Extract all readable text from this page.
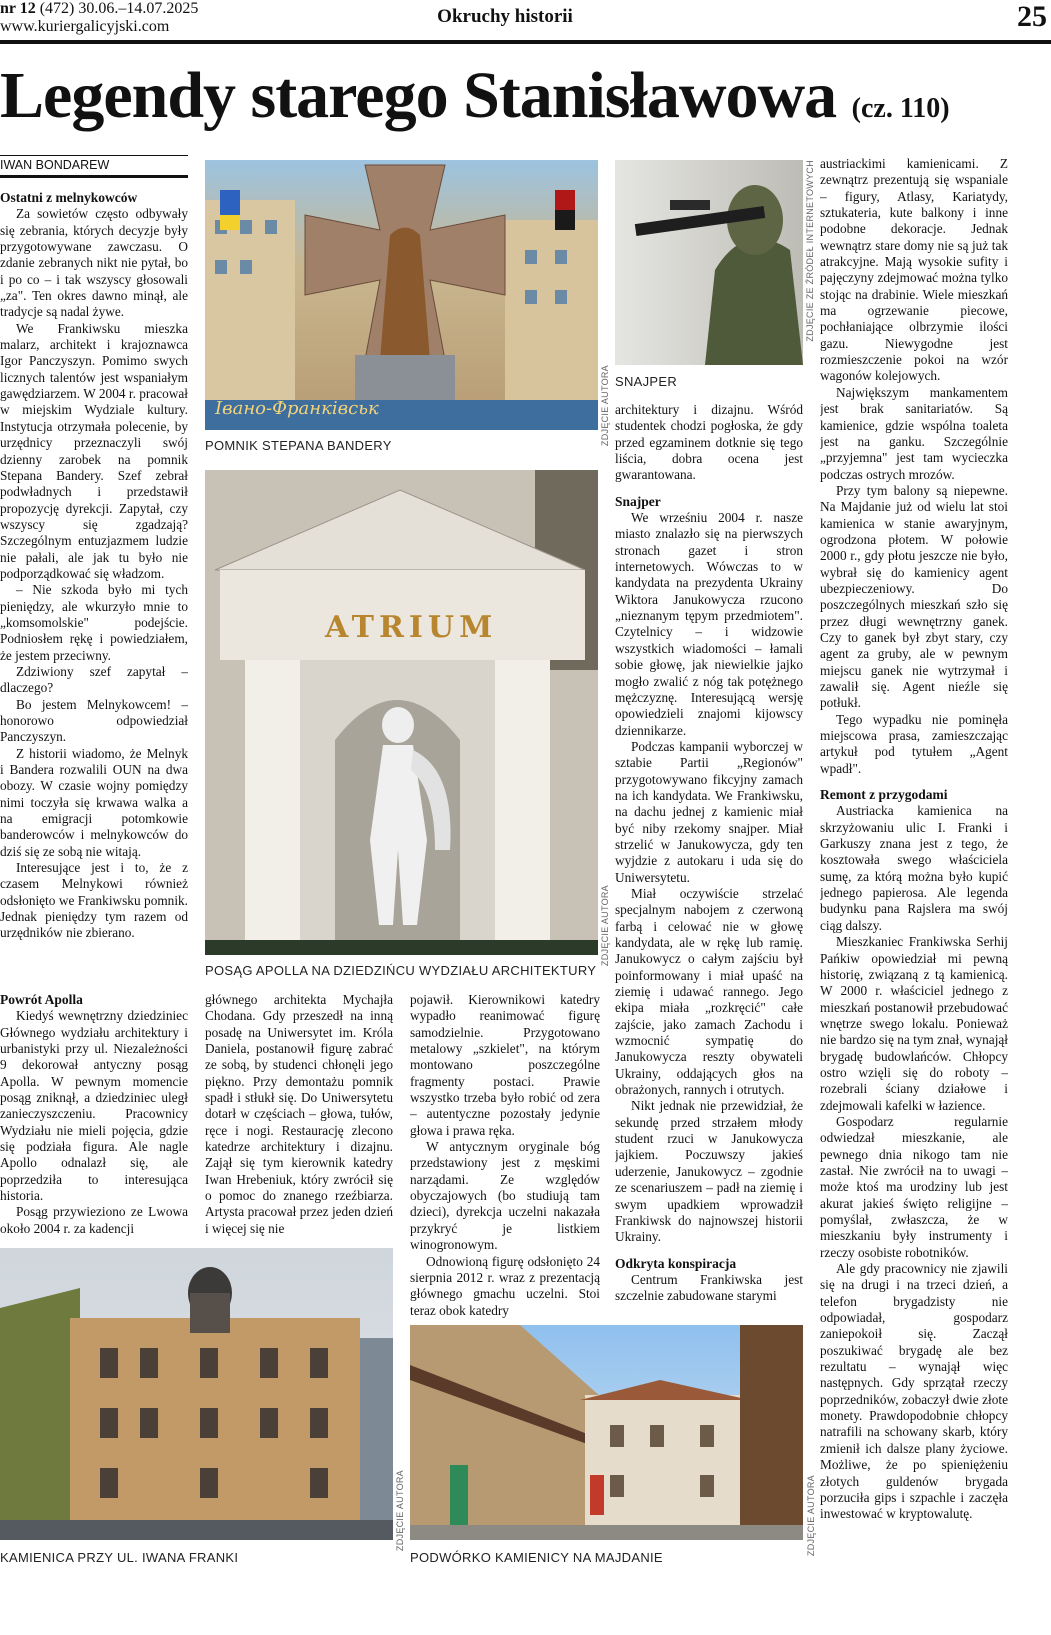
nr 12 (472) 30.06.–14.07.2025
www.kuriergalicyjski.com	Okruchy historii	25
Legendy starego Stanisławowa (cz. 110)
IWAN BONDAREW
Ostatni z melnykowców

Za sowietów często odbywały się zebrania, których decyzje były przygotowywane zawczasu. O zdanie zebranych nikt nie pytał, bo i po co – i tak wszyscy głosowali „za". Ten okres dawno minął, ale tradycje są nadal żywe.

We Frankiwsku mieszka malarz, architekt i krajoznawca Igor Panczyszyn. Pomimo swych licznych talentów jest wspaniałym gawędziarzem. W 2004 r. pracował w miejskim Wydziale kultury. Instytucja otrzymała polecenie, by urzędnicy przeznaczyli swój dzienny zarobek na pomnik Stepana Bandery. Szef zebrał podwładnych i przedstawił propozycję dyrekcji. Zapytał, czy wszyscy się zgadzają? Szczególnym entuzjazmem ludzie nie pałali, ale jak tu było nie podporządkować się władzom.

– Nie szkoda było mi tych pieniędzy, ale wkurzyło mnie to „komsomolskie" podejście. Podniosłem rękę i powiedziałem, że jestem przeciwny.

Zdziwiony szef zapytał – dlaczego?

Bo jestem Melnykowcem! – honorowo odpowiedział Panczyszyn.

Z historii wiadomo, że Melnyk i Bandera rozwalili OUN na dwa obozy. W czasie wojny pomiędzy nimi toczyła się krwawa walka a na emigracji potomkowie banderowców i melnykowców do dziś się ze sobą nie witają.

Interesujące jest i to, że z czasem Melnykowi również odsłonięto we Frankiwsku pomnik. Jednak pieniędzy tym razem od urzędników nie zbierano.

Powrót Apolla

Kiedyś wewnętrzny dziedziniec Głównego wydziału architektury i urbanistyki przy ul. Niezależności 9 dekorował antyczny posąg Apolla. W pewnym momencie posąg zniknął, a dziedziniec uległ zanieczyszczeniu. Pracownicy Wydziału nie mieli pojęcia, gdzie się podziała figura. Ale nagle Apollo odnalazł się, ale poprzedziła to interesująca historia.

Posąg przywieziono ze Lwowa około 2004 r. za kadencji

głównego architekta Mychajła Chodana. Gdy przeszedł na inną posadę na Uniwersytet im. Króla Daniela, postanowił figurę zabrać ze sobą, by studenci chłonęli jego piękno. Przy demontażu pomnik spadł i stłukł się. Do Uniwersytetu dotarł w częściach – głowa, tułów, ręce i nogi. Restaurację zlecono katedrze architektury i dizajnu. Zajął się tym kierownik katedry Iwan Hrebeniuk, który zwrócił się o pomoc do znanego rzeźbiarza. Artysta pracował przez jeden dzień i więcej się nie

pojawił. Kierownikowi katedry wypadło reanimować figurę samodzielnie. Przygotowano metalowy „szkielet", na którym montowano poszczególne fragmenty postaci. Prawie wszystko trzeba było robić od zera – autentyczne pozostały jedynie głowa i prawa ręka.

W antycznym oryginale bóg przedstawiony jest z męskimi narządami. Ze względów obyczajowych (bo studiują tam dzieci), dyrekcja uczelni nakazała przykryć je listkiem winogronowym.

Odnowioną figurę odsłonięto 24 sierpnia 2012 r. wraz z prezentacją głównego gmachu uczelni. Stoi teraz obok katedry

architektury i dizajnu. Wśród studentek chodzi pogłoska, że gdy przed egzaminem dotknie się tego liścia, dobra ocena jest gwarantowana.

Snajper

We wrześniu 2004 r. nasze miasto znalazło się na pierwszych stronach gazet i stron internetowych. Wówczas to w kandydata na prezydenta Ukrainy Wiktora Janukowycza rzucono „nieznanym tępym przedmiotem". Czytelnicy – i widzowie wszystkich wiadomości – łamali sobie głowę, jak niewielkie jajko mogło zwalić z nóg tak potężnego mężczyznę. Interesującą wersję opowiedzieli znajomi kijowscy dziennikarze.

Podczas kampanii wyborczej w sztabie Partii „Regionów" przygotowywano fikcyjny zamach na ich kandydata. We Frankiwsku, na dachu jednej z kamienic miał być niby rzekomy snajper. Miał strzelić w Janukowycza, gdy ten wyjdzie z autokaru i uda się do Uniwersytetu.

Miał oczywiście strzelać specjalnym nabojem z czerwoną farbą i celować nie w głowę kandydata, ale w rękę lub ramię. Janukowycz o całym zajściu był poinformowany i miał upaść na ziemię i udawać rannego. Jego ekipa miała „rozkręcić" całe zajście, jako zamach Zachodu i wzmocnić sympatię do Janukowycza reszty obywateli Ukrainy, oddających głos na obrażonych, rannych i otrutych.

Nikt jednak nie przewidział, że sekundę przed strzałem młody student rzuci w Janukowycza jajkiem. Poczuwszy jakieś uderzenie, Janukowycz – zgodnie ze scenariuszem – padł na ziemię i swym upadkiem wprowadził Frankiwsk do najnowszej historii Ukrainy.

Odkryta konspiracja

Centrum Frankiwska jest szczelnie zabudowane starymi

austriackimi kamienicami. Z zewnątrz prezentują się wspaniale – figury, Atlasy, Kariatydy, sztukateria, kute balkony i inne podobne dekoracje. Jednak wewnątrz stare domy nie są już tak atrakcyjne. Mają wysokie sufity i pajęczyny zdejmować można tylko stojąc na drabinie. Wiele mieszkań ma ogrzewanie piecowe, pochłaniające olbrzymie ilości gazu. Niewygodne jest rozmieszczenie pokoi na wzór wagonów kolejowych.

Największym mankamentem jest brak sanitariatów. Są kamienice, gdzie wspólna toaleta jest na ganku. Szczególnie „przyjemna" jest tam wycieczka podczas ostrych mrozów.

Przy tym balony są niepewne. Na Majdanie już od wielu lat stoi kamienica w stanie awaryjnym, ogrodzona płotem. W połowie 2000 r., gdy płotu jeszcze nie było, wybrał się do kamienicy agent ubezpieczeniowy. Do poszczególnych mieszkań szło się przez długi wewnętrzny ganek. Czy to ganek był zbyt stary, czy agent za gruby, ale w pewnym miejscu ganek nie wytrzymał i zawalił się. Agent nieźle się potłukł.

Tego wypadku nie pominęła miejscowa prasa, zamieszczając artykuł pod tytułem „Agent wpadł".

Remont z przygodami

Austriacka kamienica na skrzyżowaniu ulic I. Franki i Garkuszy znana jest z tego, że kosztowała swego właściciela sumę, za którą można było kupić jednego papierosa. Ale legenda budynku pana Rajslera ma swój ciąg dalszy.

Mieszkaniec Frankiwska Serhij Pańkiw opowiedział mi pewną historię, związaną z tą kamienicą. W 2000 r. właściciel jednego z mieszkań postanowił przebudować wnętrze swego lokalu. Ponieważ nie bardzo się na tym znał, wynajął brygadę budowlańców. Chłopcy ostro wzięli się do roboty – rozebrali ściany działowe i zdejmowali kafelki w łazience.

Gospodarz regularnie odwiedzał mieszkanie, ale pewnego dnia nikogo tam nie zastał. Nie zwrócił na to uwagi – może ktoś ma urodziny lub jest akurat jakieś święto religijne – pomyślał, zwłaszcza, że w mieszkaniu były instrumenty i rzeczy osobiste robotników.

Ale gdy pracownicy nie zjawili się na drugi i na trzeci dzień, a telefon brygadzisty nie odpowiadał, gospodarz zaniepokoił się. Zaczął poszukiwać brygadę ale bez rezultatu – wynajął więc następnych. Gdy sprzątał rzeczy poprzedników, zobaczył dwie złote monety. Prawdopodobnie chłopcy natrafili na schowany skarb, który zmienił ich dalsze plany życiowe. Możliwe, że po spieniężeniu złotych guldenów brygada porzuciła gips i szpachle i zaczęła inwestować w kryptowalutę.

Івано-Франківськ
POMNIK STEPANA BANDERY	ZDJĘCIE AUTORA
ATRIUM
POSĄG APOLLA NA DZIEDZIŃCU WYDZIAŁU ARCHITEKTURY
ZDJĘCIE AUTORA
SNAJPER
ZDJĘCIE ZE ŹRÓDEŁ INTERNETOWYCH
KAMIENICA PRZY UL. IWANA FRANKI
ZDJĘCIE AUTORA
PODWÓRKO KAMIENICY NA MAJDANIE
ZDJĘCIE AUTORA
